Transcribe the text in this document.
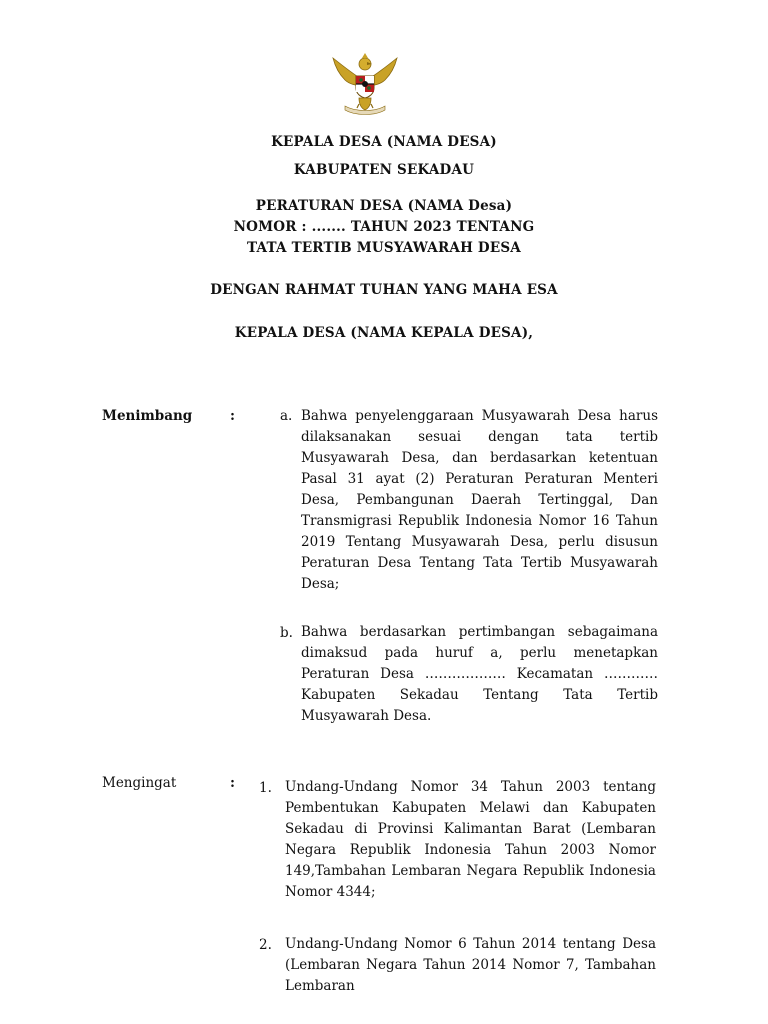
KEPALA DESA (NAMA DESA)
KABUPATEN SEKADAU
PERATURAN DESA (NAMA Desa)
NOMOR : ....... TAHUN 2023 TENTANG
TATA TERTIB MUSYAWARAH DESA
DENGAN RAHMAT TUHAN YANG MAHA ESA
KEPALA DESA (NAMA KEPALA DESA),
Menimbang	:	a. Bahwa penyelenggaraan Musyawarah Desa harus dilaksanakan sesuai dengan tata tertib Musyawarah Desa, dan berdasarkan ketentuan Pasal 31 ayat (2) Peraturan Peraturan Menteri Desa, Pembangunan Daerah Tertinggal, Dan Transmigrasi Republik Indonesia Nomor 16 Tahun 2019 Tentang Musyawarah Desa, perlu disusun Peraturan Desa Tentang Tata Tertib Musyawarah Desa;

b. Bahwa berdasarkan pertimbangan sebagaimana dimaksud pada huruf a, perlu menetapkan Peraturan Desa ……………… Kecamatan ………… Kabupaten Sekadau Tentang Tata Tertib Musyawarah Desa.

Mengingat	: 1. Undang-Undang Nomor 34 Tahun 2003 tentang Pembentukan Kabupaten Melawi dan Kabupaten Sekadau di Provinsi Kalimantan Barat (Lembaran Negara Republik Indonesia Tahun 2003 Nomor 149,Tambahan Lembaran Negara Republik Indonesia Nomor 4344;

2. Undang-Undang Nomor 6 Tahun 2014 tentang Desa (Lembaran Negara Tahun 2014 Nomor 7, Tambahan Lembaran
